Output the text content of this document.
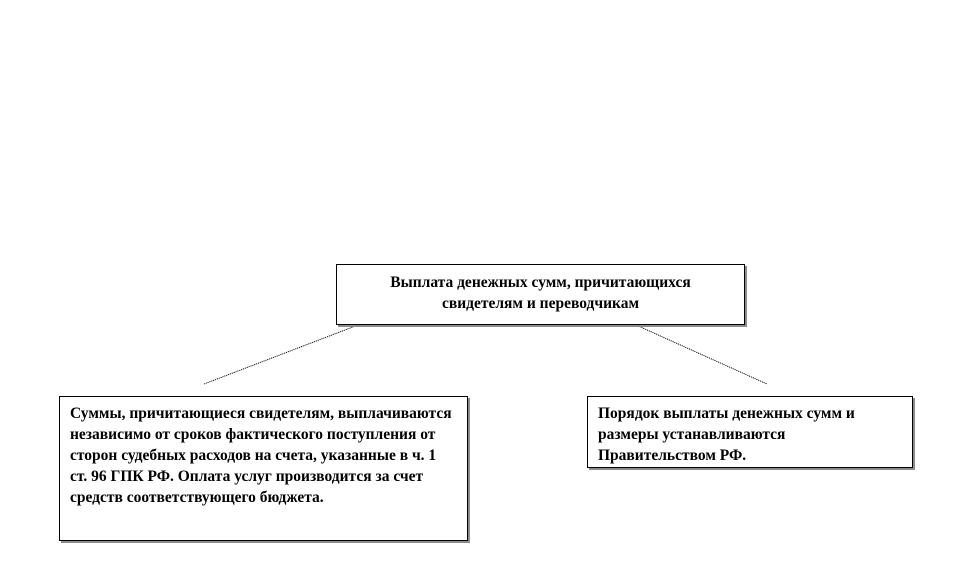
Выплата денежных сумм, причитающихся свидетелям и переводчикам
Суммы, причитающиеся свидетелям, выплачиваются независимо от сроков фактического поступления от сторон судебных расходов на счета, указанные в ч. 1 ст. 96 ГПК РФ. Оплата услуг производится за счет средств соответствующего бюджета.
Порядок выплаты денежных сумм и размеры устанавливаются Правительством РФ.
